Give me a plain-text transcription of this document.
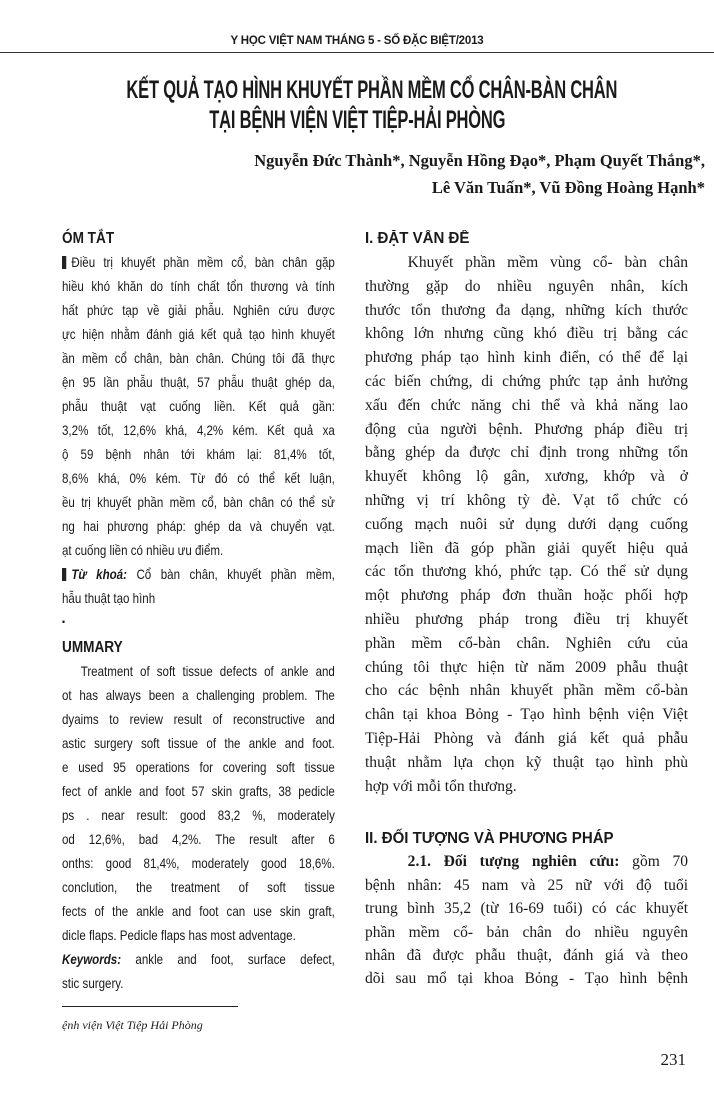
Y HỌC VIỆT NAM THÁNG 5 - SỐ ĐẶC BIỆT/2013
KẾT QUẢ TẠO HÌNH KHUYẾT PHẦN MỀM CỔ CHÂN-BÀN CHÂN
TẠI BỆNH VIỆN VIỆT TIỆP-HẢI PHÒNG
Nguyễn Đức Thành*, Nguyễn Hồng Đạo*, Phạm Quyết Thắng*,
Lê Văn Tuấn*, Vũ Đồng Hoàng Hạnh*
ÓM TẮT
Điều trị khuyết phần mềm cổ, bàn chân gặp
hiều khó khăn do tính chất tổn thương và tính
hất phức tạp về giải phẫu. Nghiên cứu được
ực hiện nhằm đánh giá kết quả tạo hình khuyết
ần mềm cổ chân, bàn chân. Chúng tôi đã thực
ện 95 lần phẫu thuật, 57 phẫu thuật ghép da,
phẫu thuật vạt cuống liền. Kết quả gần:
3,2% tốt, 12,6% khá, 4,2% kém. Kết quả xa
ộ 59 bệnh nhân tới khám lại: 81,4% tốt,
8,6% khá, 0% kém. Từ đó có thể kết luận,
ều trị khuyết phần mềm cổ, bàn chân có thể sử
ng hai phương pháp: ghép da và chuyển vạt.
ạt cuống liền có nhiều ưu điểm.
Từ khoá: Cổ bàn chân, khuyết phần mềm,
hẫu thuật tạo hình
▪
UMMARY
Treatment of soft tissue defects of ankle and
ot has always been a challenging problem. The
dyaims to review result of reconstructive and
astic surgery soft tissue of the ankle and foot.
e used 95 operations for covering soft tissue
fect of ankle and foot 57 skin grafts, 38 pedicle
ps . near result: good 83,2 %, moderately
od 12,6%, bad 4,2%. The result after 6
onths: good 81,4%, moderately good 18,6%.
conclution, the treatment of soft tissue
fects of the ankle and foot can use skin graft,
dicle flaps. Pedicle flaps has most adventage.
Keywords: ankle and foot, surface defect,
stic surgery.
I. ĐẶT VẤN ĐỀ
Khuyết phần mềm vùng cổ- bàn chân
thường gặp do nhiều nguyên nhân, kích
thước tổn thương đa dạng, những kích thước
không lớn nhưng cũng khó điều trị bằng các
phương pháp tạo hình kinh điển, có thể để lại
các biến chứng, di chứng phức tạp ảnh hưởng
xấu đến chức năng chi thể và khả năng lao
động của người bệnh. Phương pháp điều trị
bằng ghép da được chỉ định trong những tổn
khuyết không lộ gân, xương, khớp và ở
những vị trí không tỳ đè. Vạt tổ chức có
cuống mạch nuôi sử dụng dưới dạng cuống
mạch liền đã góp phần giải quyết hiệu quả
các tổn thương khó, phức tạp. Có thể sử dụng
một phương pháp đơn thuần hoặc phối hợp
nhiều phương pháp trong điều trị khuyết
phần mềm cổ-bàn chân. Nghiên cứu của
chúng tôi thực hiện từ năm 2009 phẫu thuật
cho các bệnh nhân khuyết phần mềm cổ-bàn
chân tại khoa Bỏng - Tạo hình bệnh viện Việt
Tiệp-Hải Phòng và đánh giá kết quả phẫu
thuật nhằm lựa chọn kỹ thuật tạo hình phù
hợp với mỗi tổn thương.
II. ĐỐI TƯỢNG VÀ PHƯƠNG PHÁP
2.1. Đối tượng nghiên cứu: gồm 70
bệnh nhân: 45 nam và 25 nữ với độ tuổi
trung bình 35,2 (từ 16-69 tuổi) có các khuyết
phần mềm cổ- bản chân do nhiều nguyên
nhân đã được phẫu thuật, đánh giá và theo
dõi sau mổ tại khoa Bỏng - Tạo hình bệnh
ệnh viện Việt Tiệp Hải Phòng
231
